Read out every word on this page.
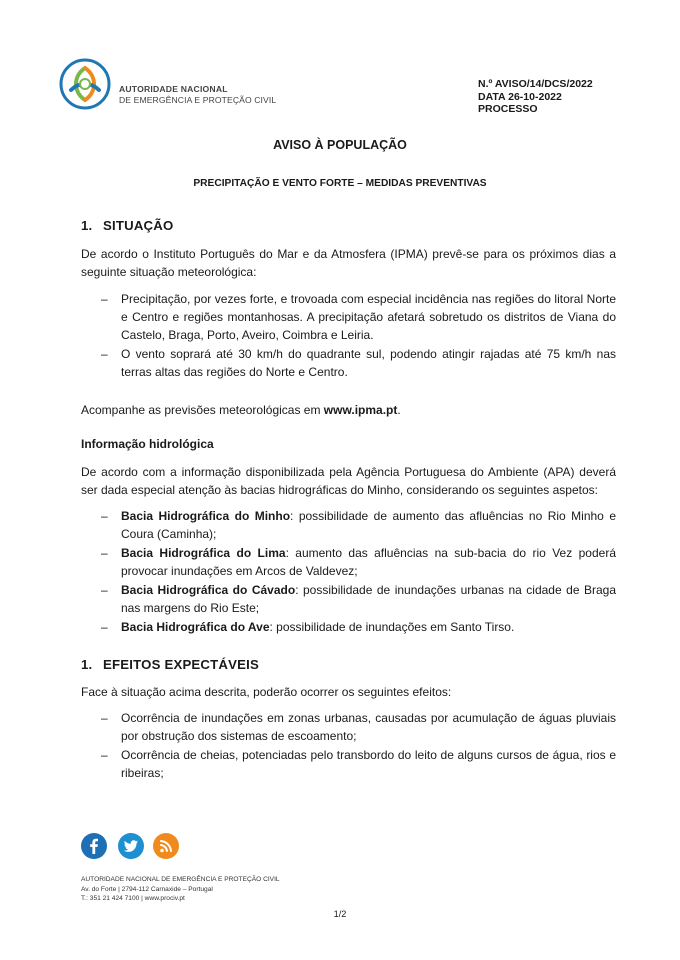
AUTORIDADE NACIONAL
DE EMERGÊNCIA E PROTEÇÃO CIVIL
N.º AVISO/14/DCS/2022
DATA 26-10-2022
PROCESSO
AVISO À POPULAÇÃO
PRECIPITAÇÃO E VENTO FORTE – MEDIDAS PREVENTIVAS
1. SITUAÇÃO
De acordo o Instituto Português do Mar e da Atmosfera (IPMA) prevê-se para os próximos dias a seguinte situação meteorológica:
– Precipitação, por vezes forte, e trovoada com especial incidência nas regiões do litoral Norte e Centro e regiões montanhosas. A precipitação afetará sobretudo os distritos de Viana do Castelo, Braga, Porto, Aveiro, Coimbra e Leiria.
– O vento soprará até 30 km/h do quadrante sul, podendo atingir rajadas até 75 km/h nas terras altas das regiões do Norte e Centro.
Acompanhe as previsões meteorológicas em www.ipma.pt.
Informação hidrológica
De acordo com a informação disponibilizada pela Agência Portuguesa do Ambiente (APA) deverá ser dada especial atenção às bacias hidrográficas do Minho, considerando os seguintes aspetos:
– Bacia Hidrográfica do Minho: possibilidade de aumento das afluências no Rio Minho e Coura (Caminha);
– Bacia Hidrográfica do Lima: aumento das afluências na sub-bacia do rio Vez poderá provocar inundações em Arcos de Valdevez;
– Bacia Hidrográfica do Cávado: possibilidade de inundações urbanas na cidade de Braga nas margens do Rio Este;
– Bacia Hidrográfica do Ave: possibilidade de inundações em Santo Tirso.
1. EFEITOS EXPECTÁVEIS
Face à situação acima descrita, poderão ocorrer os seguintes efeitos:
– Ocorrência de inundações em zonas urbanas, causadas por acumulação de águas pluviais por obstrução dos sistemas de escoamento;
– Ocorrência de cheias, potenciadas pelo transbordo do leito de alguns cursos de água, rios e ribeiras;
AUTORIDADE NACIONAL DE EMERGÊNCIA E PROTEÇÃO CIVIL
Av. do Forte | 2794-112 Carnaxide – Portugal
T.: 351 21 424 7100 | www.prociv.pt
1/2
